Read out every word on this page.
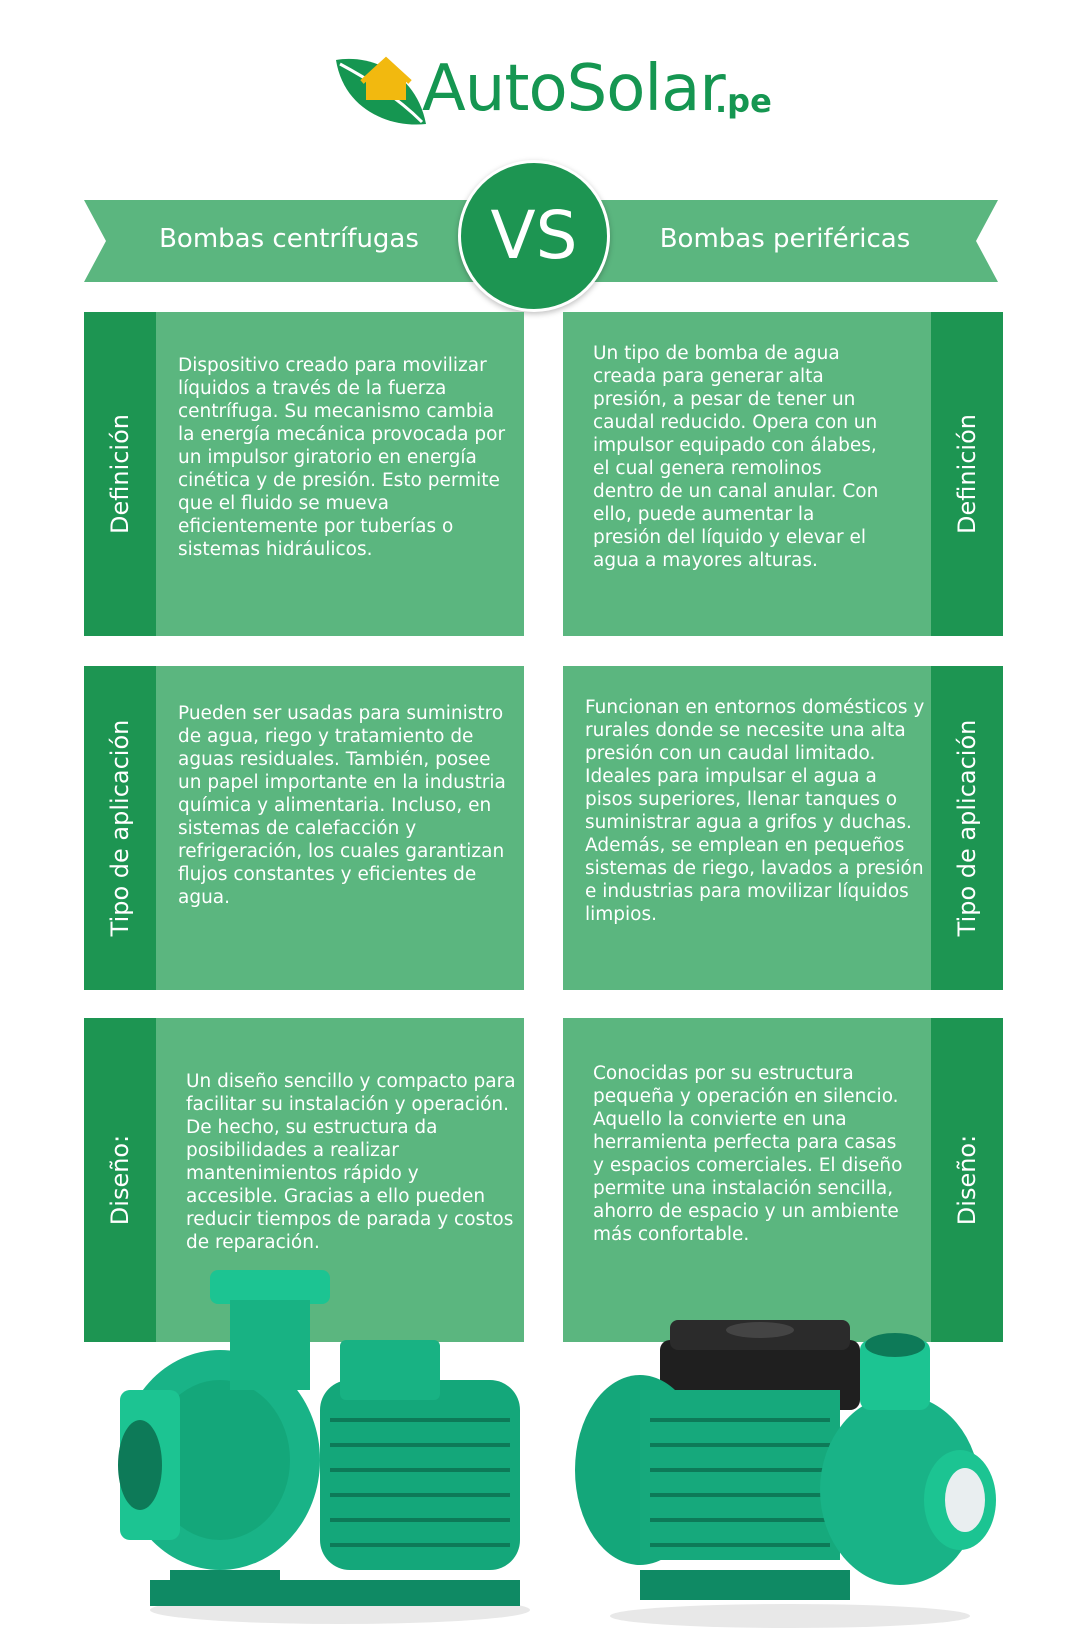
AutoSolar
.pe
Bombas centrífugas	Bombas periféricas
VS
Definición
Dispositivo creado para movilizar líquidos a través de la fuerza centrífuga. Su mecanismo cambia la energía mecánica provocada por un impulsor giratorio en energía cinética y de presión. Esto permite que el fluido se mueva eficientemente por tuberías o sistemas hidráulicos.
Definición
Un tipo de bomba de agua creada para generar alta presión, a pesar de tener un caudal reducido. Opera con un impulsor equipado con álabes, el cual genera remolinos dentro de un canal anular. Con ello, puede aumentar la presión del líquido y elevar el agua a mayores alturas.
Tipo de aplicación
Pueden ser usadas para suministro de agua, riego y tratamiento de aguas residuales. También, posee un papel importante en la industria química y alimentaria. Incluso, en sistemas de calefacción y refrigeración, los cuales garantizan flujos constantes y eficientes de agua.	Tipo de aplicación
Funcionan en entornos domésticos y rurales donde se necesite una alta presión con un caudal limitado. Ideales para impulsar el agua a pisos superiores, llenar tanques o suministrar agua a grifos y duchas. Además, se emplean en pequeños sistemas de riego, lavados a presión e industrias para movilizar líquidos limpios.
Diseño:
Un diseño sencillo y compacto para facilitar su instalación y operación. De hecho, su estructura da posibilidades a realizar mantenimientos rápido y accesible. Gracias a ello pueden reducir tiempos de parada y costos de reparación.
Diseño:
Conocidas por su estructura pequeña y operación en silencio. Aquello la convierte en una herramienta perfecta para casas y espacios comerciales. El diseño permite una instalación sencilla, ahorro de espacio y un ambiente más confortable.
